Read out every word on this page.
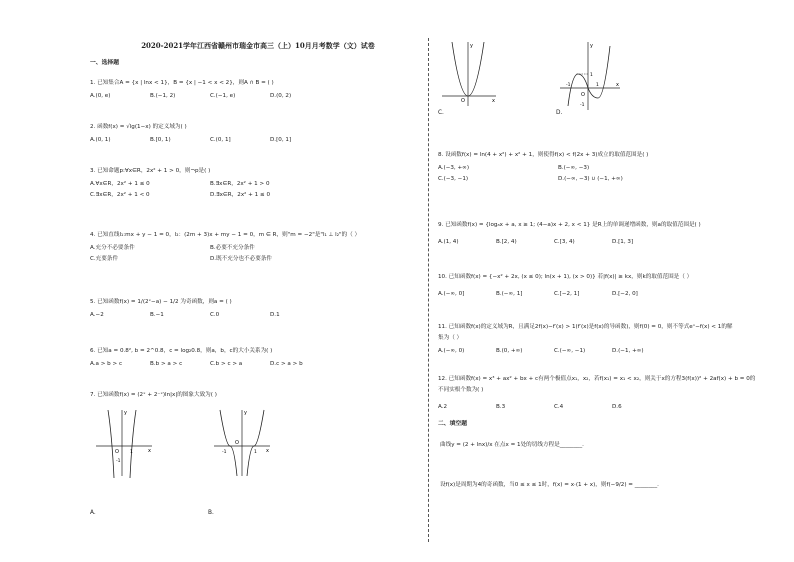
2020-2021学年江西省赣州市瑞金市高三（上）10月月考数学（文）试卷
一、选择题
1. 已知集合A = {x | lnx < 1}，B = {x | −1 < x < 2}，则A ∩ B = ( )
A.(0, e)	B.(−1, 2)	C.(−1, e)	D.(0, 2)
2. 函数f(x) = √lg(1−x) 的定义域为( )
A.(0, 1)	B.[0, 1)	C.(0, 1]	D.[0, 1]
3. 已知命题p:∀x∈R，2x² + 1 > 0，则¬p是( )
A.∀x∈R，2x² + 1 ≤ 0	B.∃x∈R，2x² + 1 > 0
C.∃x∈R，2x² + 1 < 0	D.∃x∈R，2x² + 1 ≤ 0
4. 已知直线l₁:mx + y − 1 = 0，l₂：(2m + 3)x + my − 1 = 0，m ∈ R，则"m = −2"是"l₁ ⊥ l₂"的（ ）
A.充分不必要条件	B.必要不充分条件
C.充要条件	D.既不充分也不必要条件
5. 已知函数f(x) = 1/(2ˣ−a) − 1/2 为奇函数，则a = ( )
A.−2	B.−1	C.0	D.1
6. 已知a = 0.8², b = 2^0.8，c = log₂0.8，则a，b，c的大小关系为( )
A.a > b > c	B.b > a > c	C.b > c > a	D.c > a > b
7. 已知函数f(x) = (2ˣ + 2⁻ˣ)ln|x|的图象大致为( )
y
x
O 1
-1
A.
y
x
O
-1	1
B.
y
x
O
C.
y
x
-1
O
1
1
-1
D.
8. 设函数f(x) = ln(4 + x²) + x² + 1，则使得f(x) < f(2x + 3)成立的取值范围是( )
A.(−3, +∞)	B.(−∞, −3)
C.(−3, −1)	D.(−∞, −3) ∪ (−1, +∞)
9. 已知函数f(x) = {logₐx + a, x ≥ 1; (4−a)x + 2, x < 1} 是R上的单调递增函数，则a的取值范围是( )
A.(1, 4)	B.[2, 4)	C.[3, 4)	D.[1, 3]
10. 已知函数f(x) = {−x² + 2x, (x ≤ 0); ln(x + 1), (x > 0)} 若|f(x)| ≥ kx，则k的取值范围是（ ）
A.(−∞, 0]	B.(−∞, 1]	C.[−2, 1]	D.[−2, 0]
11. 已知函数f(x)的定义域为R，且满足2f(x)−f′(x) > 1(f′(x)是f(x)的导函数)，则f(0) = 0，则不等式eˣ−f(x) < 1的解
集为（ ）
A.(−∞, 0)	B.(0, +∞)	C.(−∞, −1)	D.(−1, +∞)
12. 已知函数f(x) = x³ + ax² + bx + c有两个极值点x₁，x₂，若f(x₁) = x₁ < x₂，则关于x的方程3(f(x))² + 2af(x) + b = 0的
不同实根个数为( )
A.2	B.3	C.4	D.6
二、填空题
曲线y = (2 + lnx)/x 在点x = 1处的切线方程是________.
设f(x)是周期为4的奇函数，当0 ≤ x ≤ 1时，f(x) = x·(1 + x)，则f(−9/2) = ________.
